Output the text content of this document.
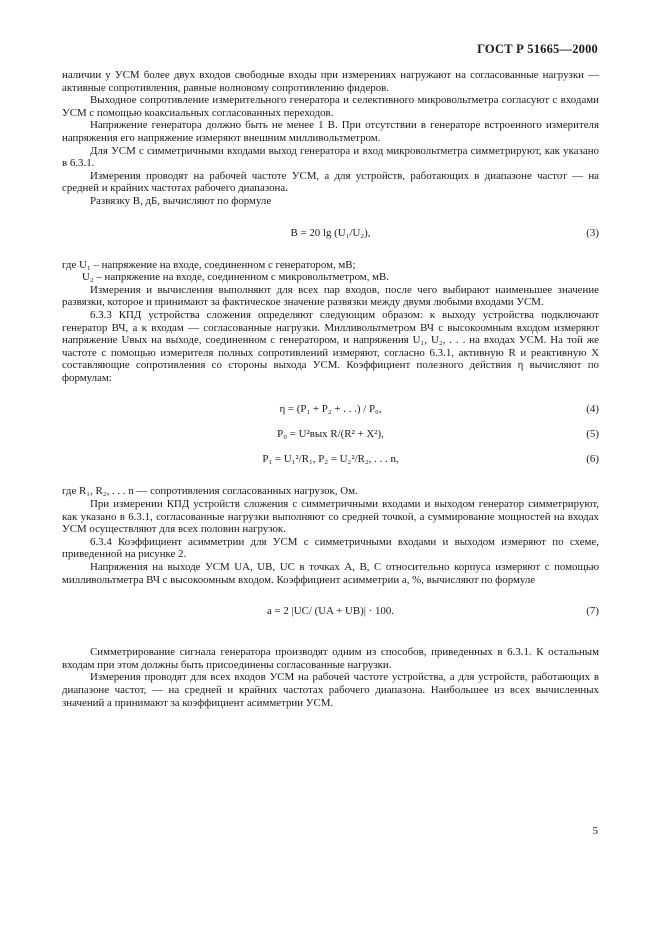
ГОСТ Р 51665—2000

наличии у УСМ более двух входов свободные входы при измерениях нагружают на согласованные нагрузки — активные сопротивления, равные волновому сопротивлению фидеров.

Выходное сопротивление измерительного генератора и селективного микровольтметра согласуют с входами УСМ с помощью коаксиальных согласованных переходов.

Напряжение генератора должно быть не менее 1 В. При отсутствии в генераторе встроенного измерителя напряжения его напряжение измеряют внешним милливольтметром.

Для УСМ с симметричными входами выход генератора и вход микровольтметра симметрируют, как указано в 6.3.1.

Измерения проводят на рабочей частоте УСМ, а для устройств, работающих в диапазоне частот — на средней и крайних частотах рабочего диапазона.

Развязку B, дБ, вычисляют по формуле

B = 20 lg (U₁/U₂),	(3)

где U₁ – напряжение на входе, соединенном с генератором, мВ;

U₂ – напряжение на входе, соединенном с микровольтметром, мВ.

Измерения и вычисления выполняют для всех пар входов, после чего выбирают наименьшее значение развязки, которое и принимают за фактическое значение развязки между двумя любыми входами УСМ.

6.3.3 КПД устройства сложения определяют следующим образом: к выходу устройства подключают генератор ВЧ, а к входам — согласованные нагрузки. Милливольтметром ВЧ с высокоомным входом измеряют напряжение Uвых на выходе, соединенном с генератором, и напряжения U₁, U₂, . . . на входах УСМ. На той же частоте с помощью измерителя полных сопротивлений измеряют, согласно 6.3.1, активную R и реактивную X составляющие сопротивления со стороны выхода УСМ. Коэффициент полезного действия η вычисляют по формулам:

η = (P₁ + P₂ + . . .) / P₀,	(4)
P₀ = U²вых R/(R² + X²),	(5)
P₁ = U₁²/R₁, P₂ = U₂²/R₂, . . . n,	(6)

где R₁, R₂, . . . n — сопротивления согласованных нагрузок, Ом.

При измерении КПД устройств сложения с симметричными входами и выходом генератор симметрируют, как указано в 6.3.1, согласованные нагрузки выполняют со средней точкой, а суммирование мощностей на входах УСМ осуществляют для всех половин нагрузок.

6.3.4 Коэффициент асимметрии для УСМ с симметричными входами и выходом измеряют по схеме, приведенной на рисунке 2.

Напряжения на выходе УСМ UA, UB, UC в точках A, B, C относительно корпуса измеряют с помощью милливольтметра ВЧ с высокоомным входом. Коэффициент асимметрии a, %, вычисляют по формуле

a = 2 |UC/ (UA + UB)| · 100.	(7)

Симметрирование сигнала генератора производят одним из способов, приведенных в 6.3.1. К остальным входам при этом должны быть присоединены согласованные нагрузки.

Измерения проводят для всех входов УСМ на рабочей частоте устройства, а для устройств, работающих в диапазоне частот, — на средней и крайних частотах рабочего диапазона. Наибольшее из всех вычисленных значений a принимают за коэффициент асимметрии УСМ.

5
